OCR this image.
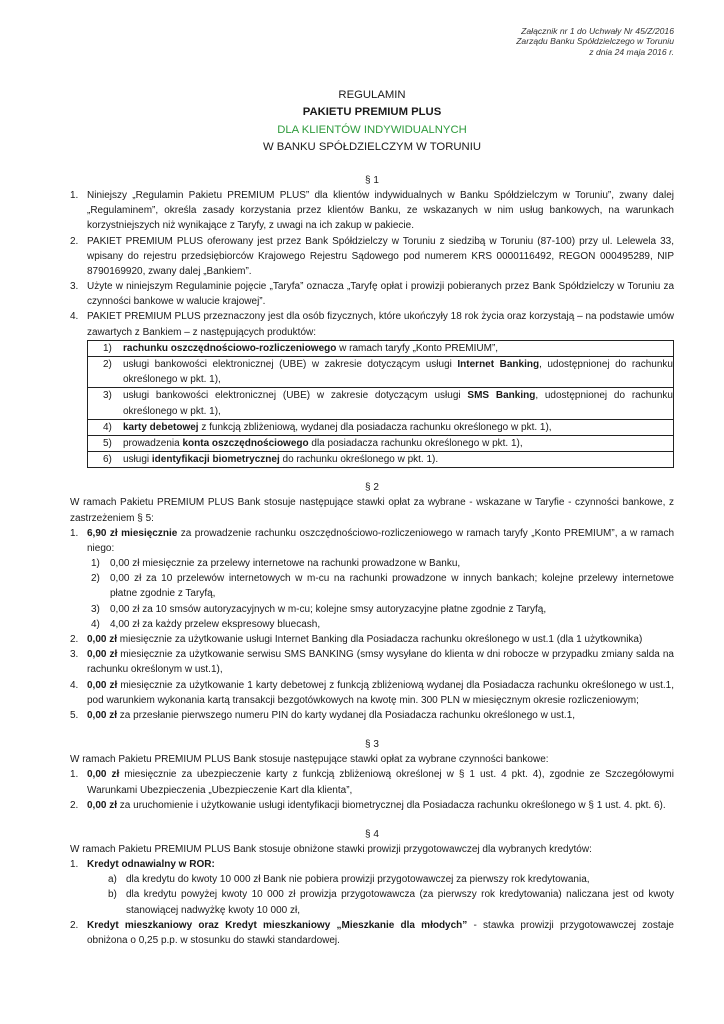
Załącznik nr 1 do Uchwały Nr 45/Z/2016
Zarządu Banku Spółdzielczego w Toruniu
z dnia 24 maja 2016 r.
REGULAMIN
PAKIETU PREMIUM PLUS
DLA KLIENTÓW INDYWIDUALNYCH
W BANKU SPÓŁDZIELCZYM W TORUNIU
§ 1
1. Niniejszy „Regulamin Pakietu PREMIUM PLUS” dla klientów indywidualnych w Banku Spółdzielczym w Toruniu”, zwany dalej „Regulaminem”, określa zasady korzystania przez klientów Banku, ze wskazanych w nim usług bankowych, na warunkach korzystniejszych niż wynikające z Taryfy, z uwagi na ich zakup w pakiecie.
2. PAKIET PREMIUM PLUS oferowany jest przez Bank Spółdzielczy w Toruniu z siedzibą w Toruniu (87-100) przy ul. Lelewela 33, wpisany do rejestru przedsiębiorców Krajowego Rejestru Sądowego pod numerem KRS 0000116492, REGON 000495289, NIP 8790169920, zwany dalej „Bankiem”.
3. Użyte w niniejszym Regulaminie pojęcie „Taryfa” oznacza „Taryfę opłat i prowizji pobieranych przez Bank Spółdzielczy w Toruniu za czynności bankowe w walucie krajowej”.
4. PAKIET PREMIUM PLUS przeznaczony jest dla osób fizycznych, które ukończyły 18 rok życia oraz korzystają – na podstawie umów zawartych z Bankiem – z następujących produktów:
1) rachunku oszczędnościowo-rozliczeniowego w ramach taryfy „Konto PREMIUM”,

2) usługi bankowości elektronicznej (UBE) w zakresie dotyczącym usługi Internet Banking, udostępnionej do rachunku określonego w pkt. 1),

3) usługi bankowości elektronicznej (UBE) w zakresie dotyczącym usługi SMS Banking, udostępnionej do rachunku określonego w pkt. 1),

4) karty debetowej z funkcją zbliżeniową, wydanej dla posiadacza rachunku określonego w pkt. 1),

5) prowadzenia konta oszczędnościowego dla posiadacza rachunku określonego w pkt. 1),

6) usługi identyfikacji biometrycznej do rachunku określonego w pkt. 1).
§ 2
W ramach Pakietu PREMIUM PLUS Bank stosuje następujące stawki opłat za wybrane - wskazane w Taryfie - czynności bankowe, z zastrzeżeniem § 5:
1. 6,90 zł miesięcznie za prowadzenie rachunku oszczędnościowo-rozliczeniowego w ramach taryfy „Konto PREMIUM”, a w ramach niego:
1) 0,00 zł miesięcznie za przelewy internetowe na rachunki prowadzone w Banku,
2) 0,00 zł za 10 przelewów internetowych w m-cu na rachunki prowadzone w innych bankach; kolejne przelewy internetowe płatne zgodnie z Taryfą,
3) 0,00 zł za 10 smsów autoryzacyjnych w m-cu; kolejne smsy autoryzacyjne płatne zgodnie z Taryfą,
4) 4,00 zł za każdy przelew ekspresowy bluecash,
2. 0,00 zł miesięcznie za użytkowanie usługi Internet Banking dla Posiadacza rachunku określonego w ust.1 (dla 1 użytkownika)
3. 0,00 zł miesięcznie za użytkowanie serwisu SMS BANKING (smsy wysyłane do klienta w dni robocze w przypadku zmiany salda na rachunku określonym w ust.1),
4. 0,00 zł miesięcznie za użytkowanie 1 karty debetowej z funkcją zbliżeniową wydanej dla Posiadacza rachunku określonego w ust.1, pod warunkiem wykonania kartą transakcji bezgotówkowych na kwotę min. 300 PLN w miesięcznym okresie rozliczeniowym;
5. 0,00 zł za przesłanie pierwszego numeru PIN do karty wydanej dla Posiadacza rachunku określonego w ust.1,
§ 3
W ramach Pakietu PREMIUM PLUS Bank stosuje następujące stawki opłat za wybrane czynności bankowe:
1. 0,00 zł miesięcznie za ubezpieczenie karty z funkcją zbliżeniową określonej w § 1 ust. 4 pkt. 4), zgodnie ze Szczegółowymi Warunkami Ubezpieczenia „Ubezpieczenie Kart dla klienta”,
2. 0,00 zł za uruchomienie i użytkowanie usługi identyfikacji biometrycznej dla Posiadacza rachunku określonego w § 1 ust. 4. pkt. 6).
§ 4
W ramach Pakietu PREMIUM PLUS Bank stosuje obniżone stawki prowizji przygotowawczej dla wybranych kredytów:
1. Kredyt odnawialny w ROR:
a) dla kredytu do kwoty 10 000 zł Bank nie pobiera prowizji przygotowawczej za pierwszy rok kredytowania,
b) dla kredytu powyżej kwoty 10 000 zł prowizja przygotowawcza (za pierwszy rok kredytowania) naliczana jest od kwoty stanowiącej nadwyżkę kwoty 10 000 zł,
2. Kredyt mieszkaniowy oraz Kredyt mieszkaniowy „Mieszkanie dla młodych” - stawka prowizji przygotowawczej zostaje obniżona o 0,25 p.p. w stosunku do stawki standardowej.
